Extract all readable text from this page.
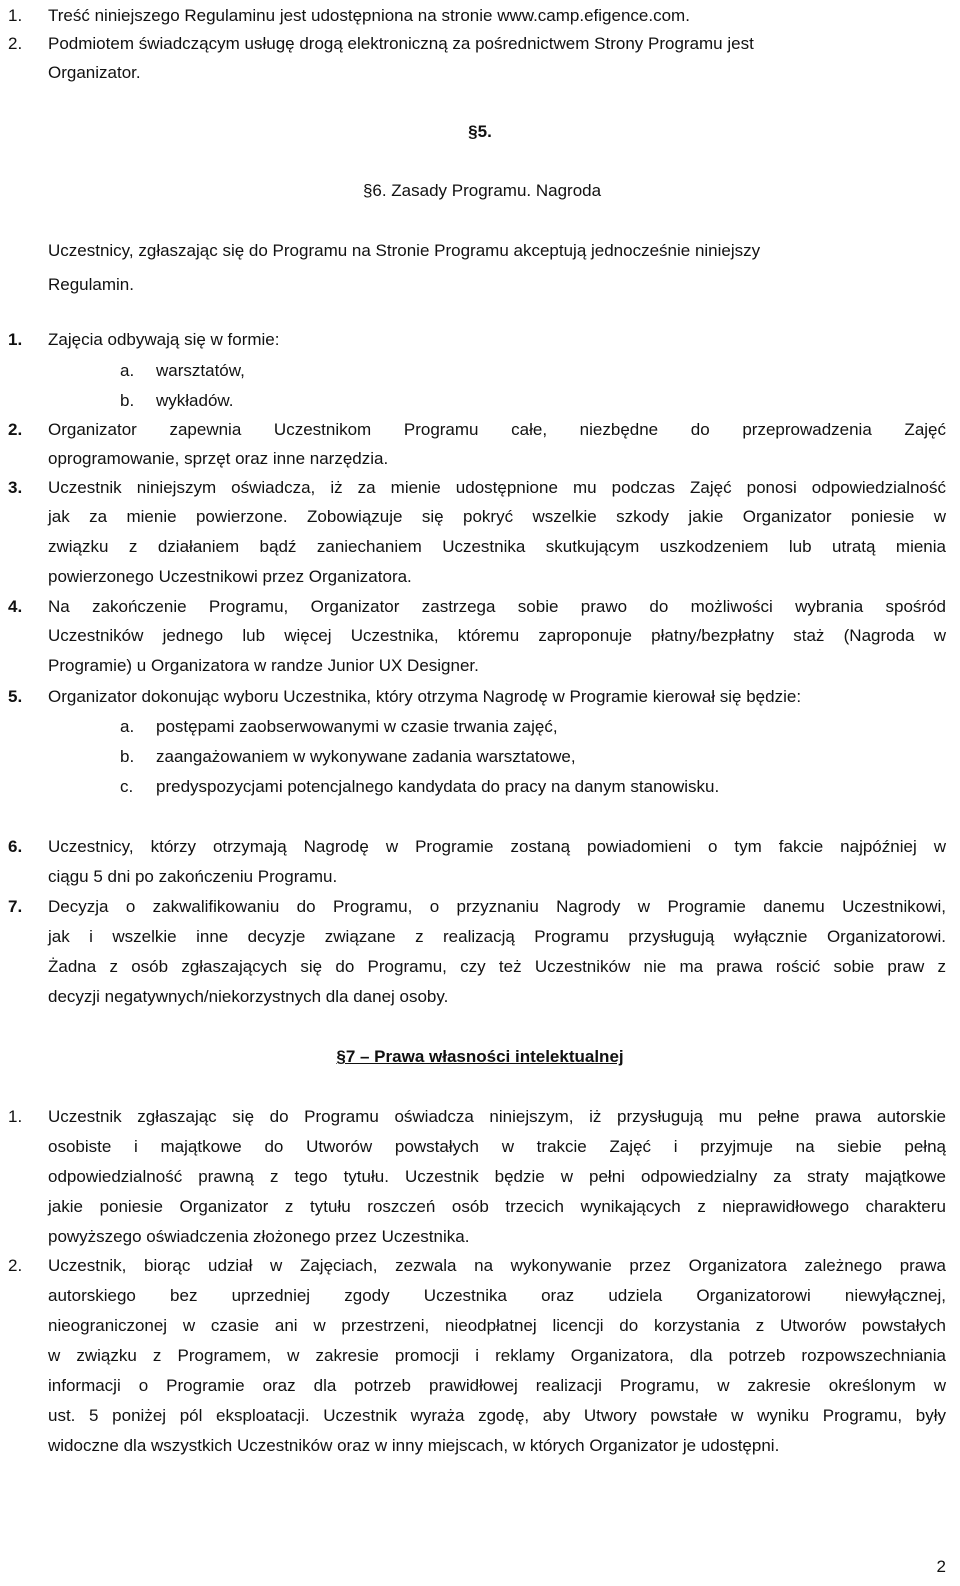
1.	Treść niniejszego Regulaminu jest udostępniona na stronie www.camp.efigence.com.
2.	Podmiotem świadczącym usługę drogą elektroniczną za pośrednictwem Strony Programu jest
Organizator.
§5.
§6. Zasady Programu. Nagroda
Uczestnicy, zgłaszając się do Programu na Stronie Programu akceptują jednocześnie niniejszy
Regulamin.
1.	Zajęcia odbywają się w formie:
a.	warsztatów,
b.	wykładów.
2.	Organizator zapewnia Uczestnikom Programu całe, niezbędne do przeprowadzenia Zajęć
oprogramowanie, sprzęt oraz inne narzędzia.
3.	Uczestnik niniejszym oświadcza, iż za mienie udostępnione mu podczas Zajęć ponosi odpowiedzialność
jak za mienie powierzone. Zobowiązuje się pokryć wszelkie szkody jakie Organizator poniesie w
związku z działaniem bądź zaniechaniem Uczestnika skutkującym uszkodzeniem lub utratą mienia
powierzonego Uczestnikowi przez Organizatora.
4.	Na zakończenie Programu, Organizator zastrzega sobie prawo do możliwości wybrania spośród
Uczestników jednego lub więcej Uczestnika, któremu zaproponuje płatny/bezpłatny staż (Nagroda w
Programie) u Organizatora w randze Junior UX Designer.
5.	Organizator dokonując wyboru Uczestnika, który otrzyma Nagrodę w Programie kierował się będzie:
a.	postępami zaobserwowanymi w czasie trwania zajęć,
b.	zaangażowaniem w wykonywane zadania warsztatowe,
c.	predyspozycjami potencjalnego kandydata do pracy na danym stanowisku.
6.	Uczestnicy, którzy otrzymają Nagrodę w Programie zostaną powiadomieni o tym fakcie najpóźniej w
ciągu 5 dni po zakończeniu Programu.
7.	Decyzja o zakwalifikowaniu do Programu, o przyznaniu Nagrody w Programie danemu Uczestnikowi,
jak i wszelkie inne decyzje związane z realizacją Programu przysługują wyłącznie Organizatorowi.
Żadna z osób zgłaszających się do Programu, czy też Uczestników nie ma prawa rościć sobie praw z
decyzji negatywnych/niekorzystnych dla danej osoby.
§7 – Prawa własności intelektualnej
1.	Uczestnik zgłaszając się do Programu oświadcza niniejszym, iż przysługują mu pełne prawa autorskie
osobiste i majątkowe do Utworów powstałych w trakcie Zajęć i przyjmuje na siebie pełną
odpowiedzialność prawną z tego tytułu. Uczestnik będzie w pełni odpowiedzialny za straty majątkowe
jakie poniesie Organizator z tytułu roszczeń osób trzecich wynikających z nieprawidłowego charakteru
powyższego oświadczenia złożonego przez Uczestnika.
2.	Uczestnik, biorąc udział w Zajęciach, zezwala na wykonywanie przez Organizatora zależnego prawa
autorskiego bez uprzedniej zgody Uczestnika oraz udziela Organizatorowi niewyłącznej,
nieograniczonej w czasie ani w przestrzeni, nieodpłatnej licencji do korzystania z Utworów powstałych
w związku z Programem, w zakresie promocji i reklamy Organizatora, dla potrzeb rozpowszechniania
informacji o Programie oraz dla potrzeb prawidłowej realizacji Programu, w zakresie określonym w
ust. 5 poniżej pól eksploatacji. Uczestnik wyraża zgodę, aby Utwory powstałe w wyniku Programu, były
widoczne dla wszystkich Uczestników oraz w inny miejscach, w których Organizator je udostępni.
2
